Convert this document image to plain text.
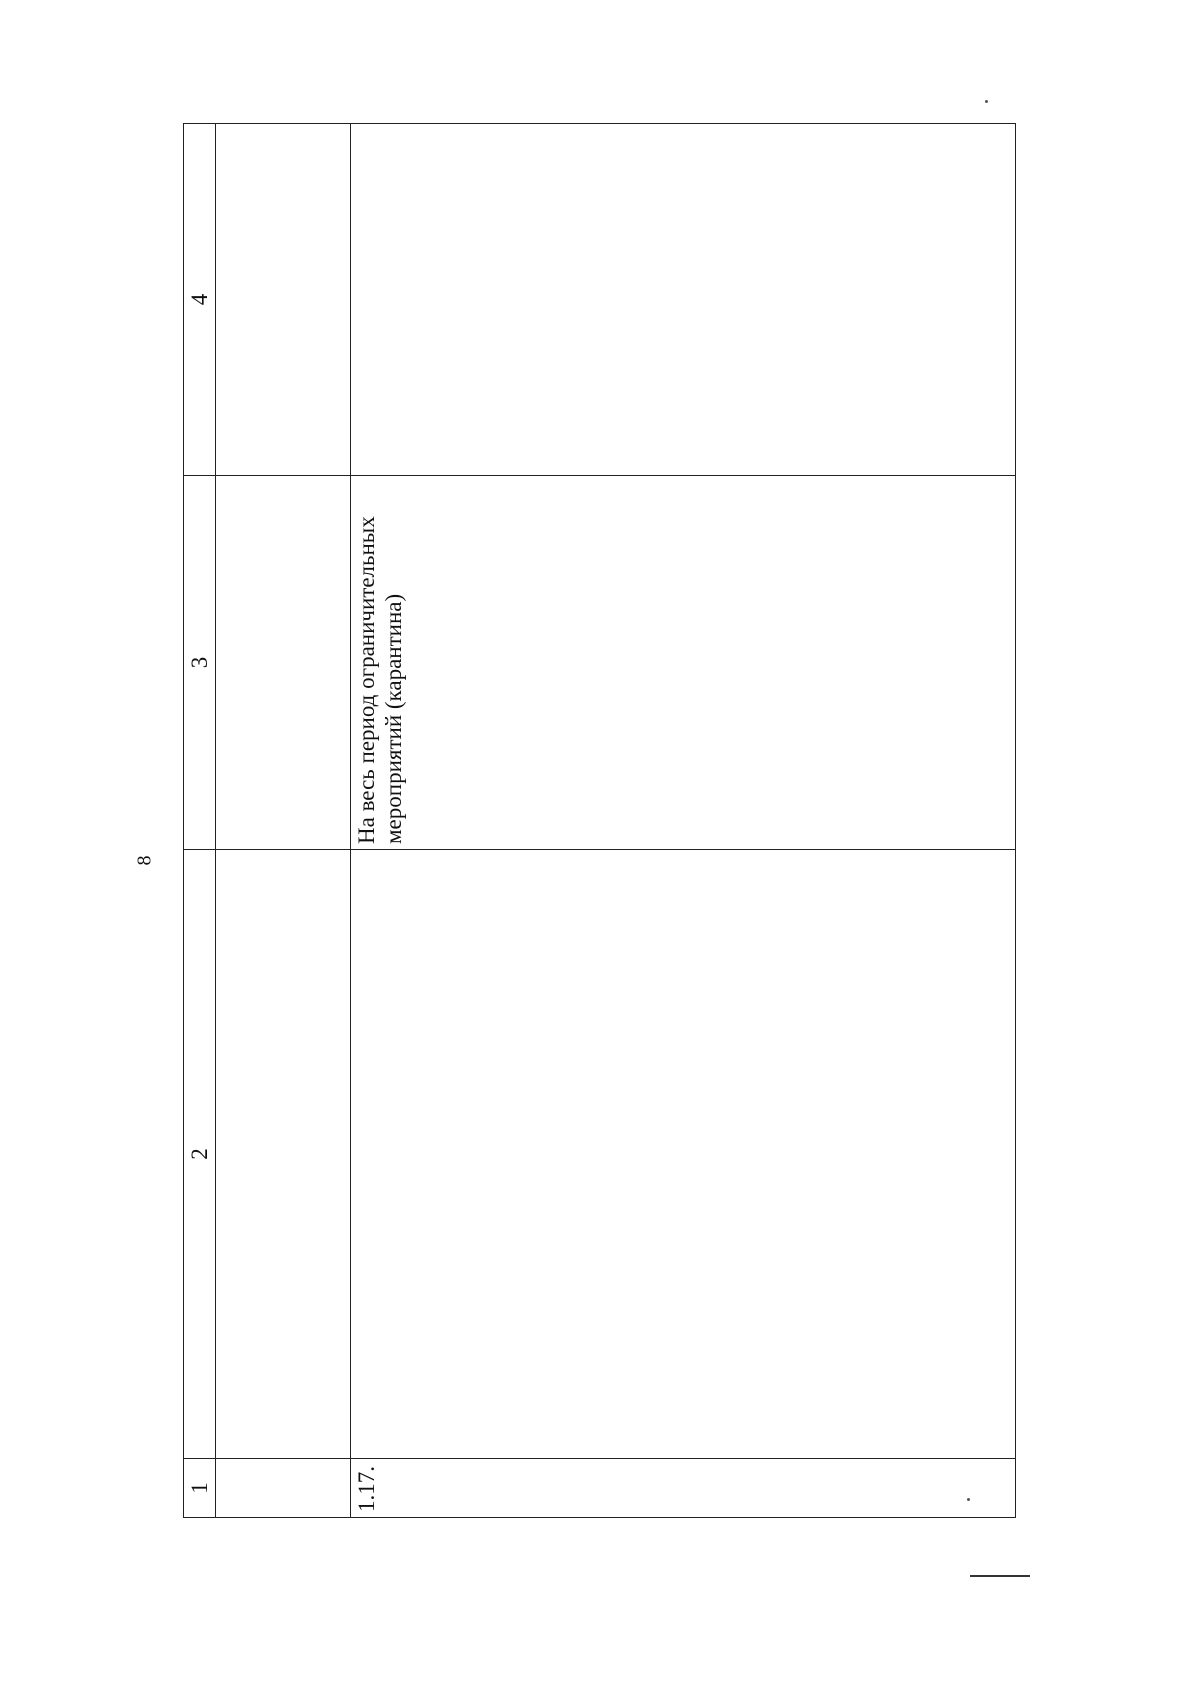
8
1	2	3	4

1.17.		На весь период ограничительных мероприятий (карантина)	
